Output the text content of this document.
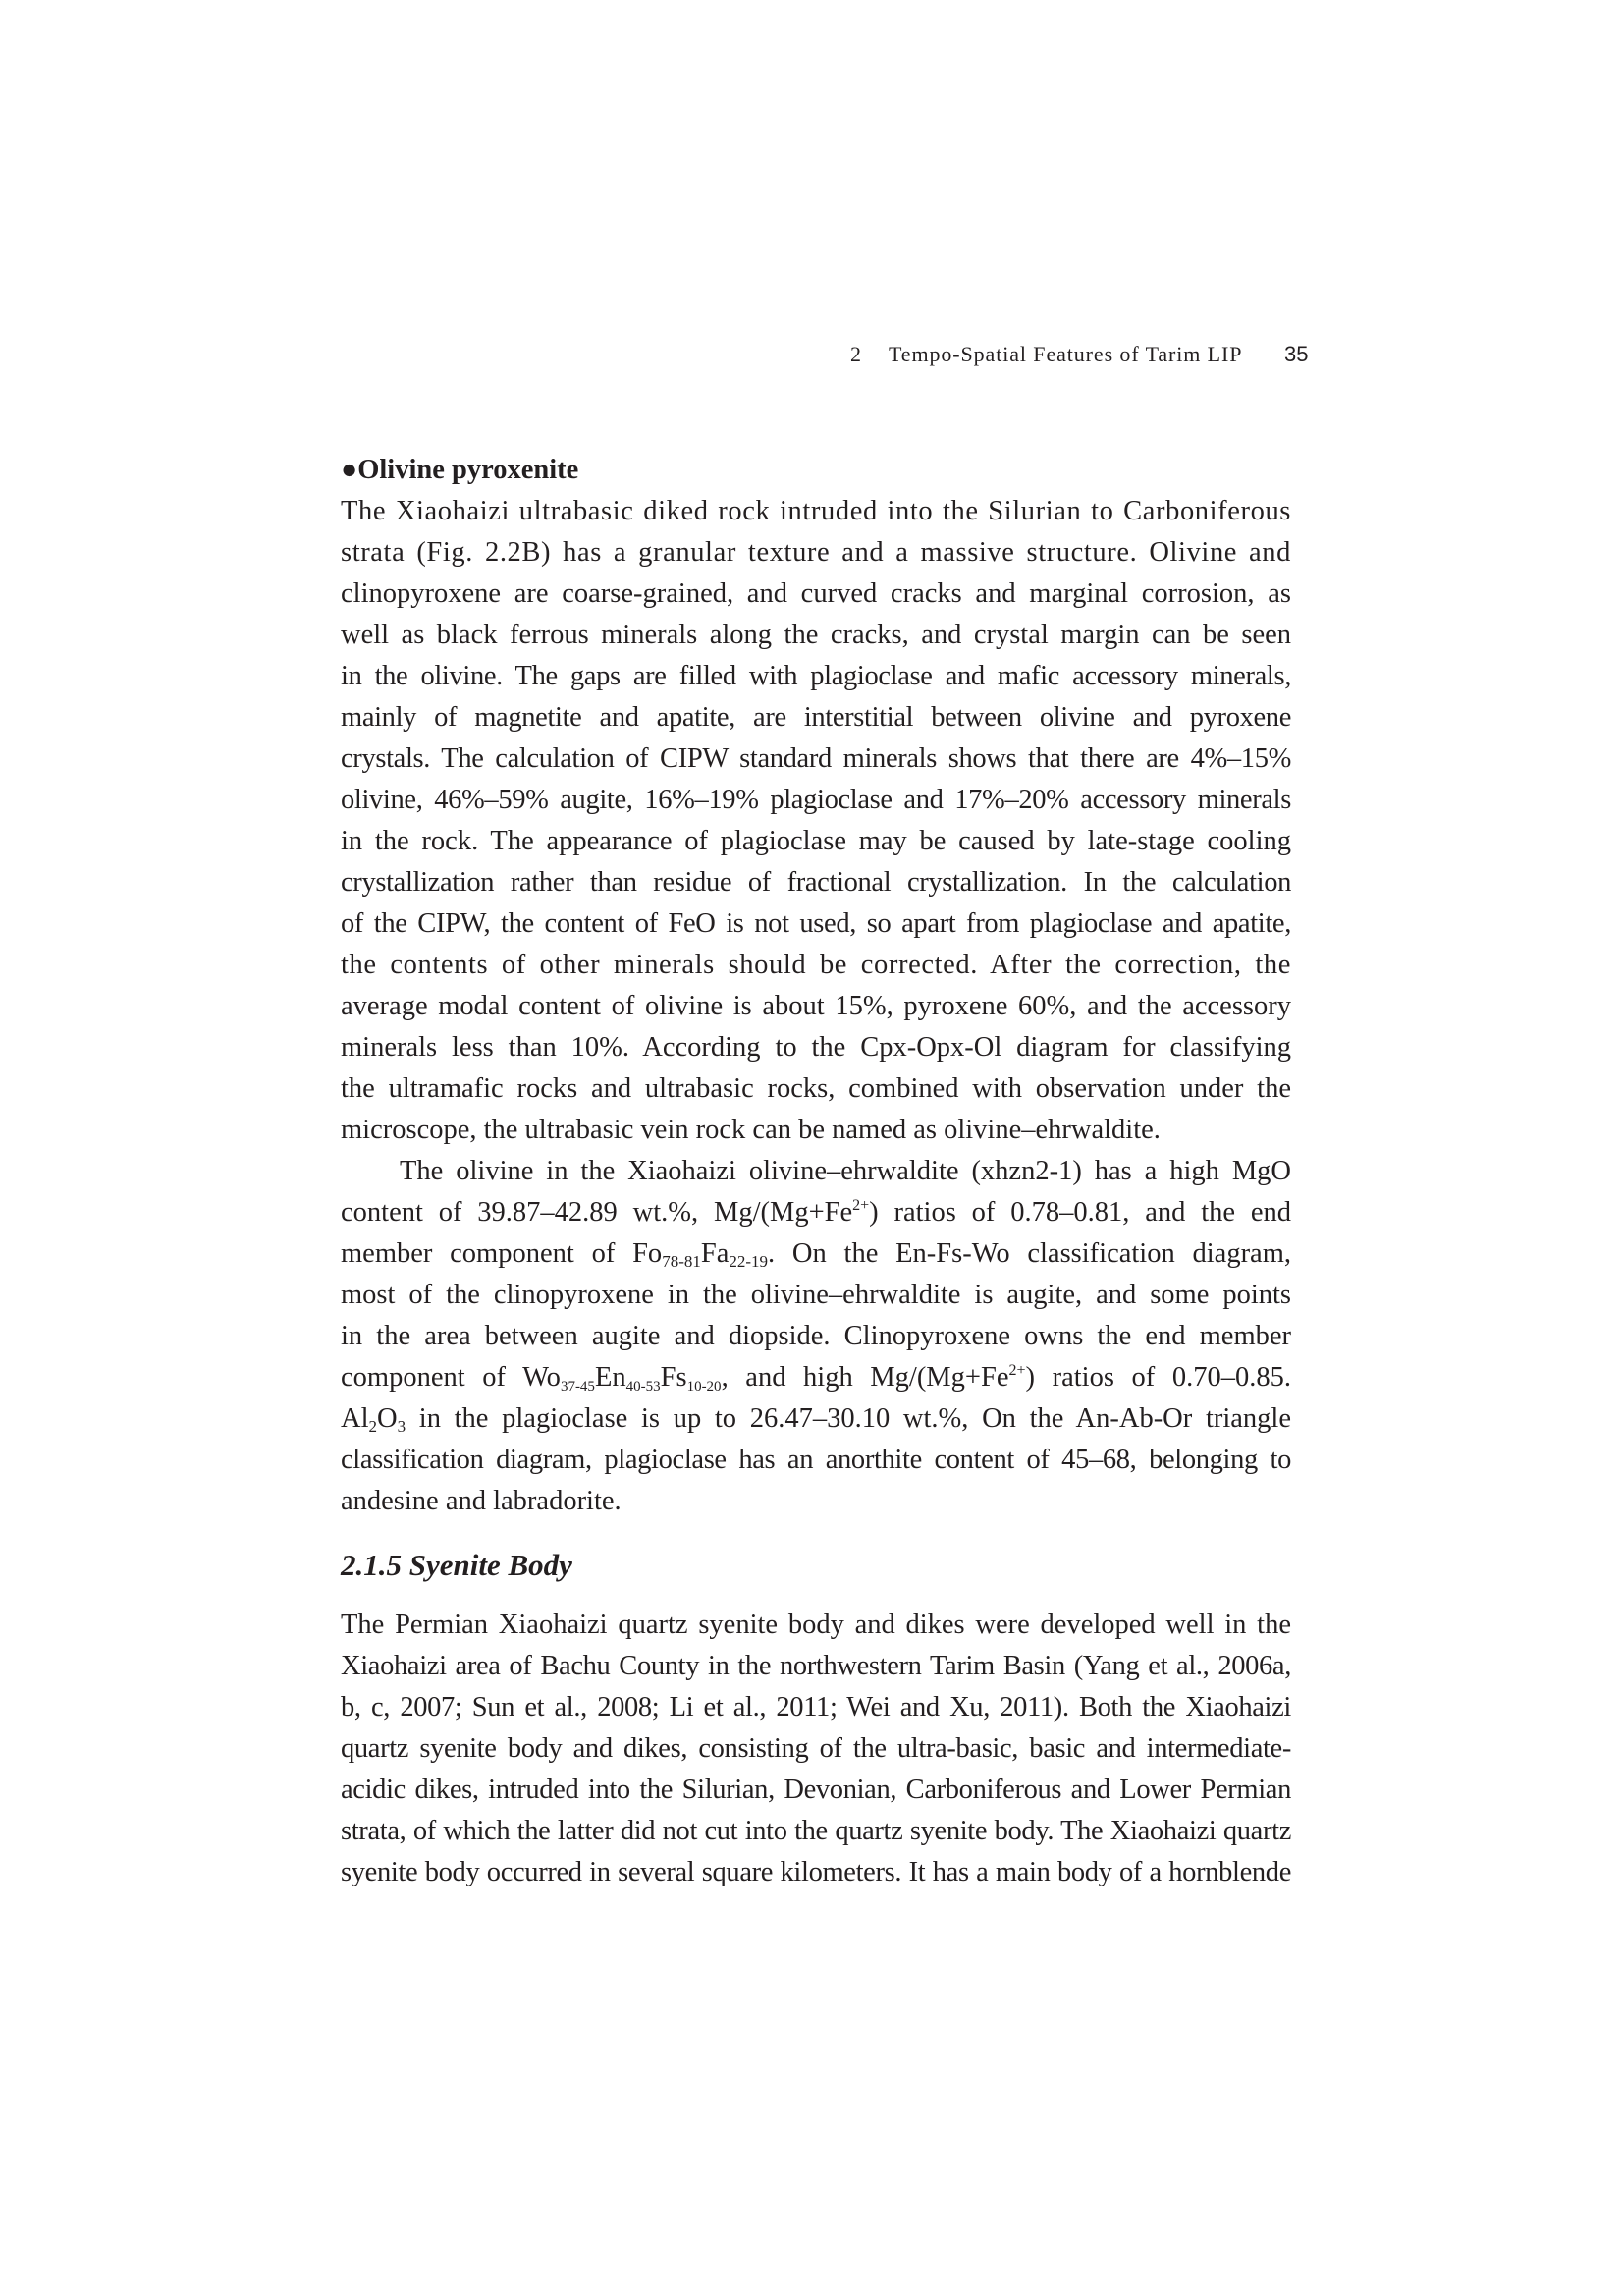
2 Tempo-Spatial Features of Tarim LIP 35
●Olivine pyroxenite
The Xiaohaizi ultrabasic diked rock intruded into the Silurian to Carboniferous
strata (Fig. 2.2B) has a granular texture and a massive structure. Olivine and
clinopyroxene are coarse-grained, and curved cracks and marginal corrosion, as
well as black ferrous minerals along the cracks, and crystal margin can be seen
in the olivine. The gaps are filled with plagioclase and mafic accessory minerals,
mainly of magnetite and apatite, are interstitial between olivine and pyroxene
crystals. The calculation of CIPW standard minerals shows that there are 4%–15%
olivine, 46%–59% augite, 16%–19% plagioclase and 17%–20% accessory minerals
in the rock. The appearance of plagioclase may be caused by late-stage cooling
crystallization rather than residue of fractional crystallization. In the calculation
of the CIPW, the content of FeO is not used, so apart from plagioclase and apatite,
the contents of other minerals should be corrected. After the correction, the
average modal content of olivine is about 15%, pyroxene 60%, and the accessory
minerals less than 10%. According to the Cpx-Opx-Ol diagram for classifying
the ultramafic rocks and ultrabasic rocks, combined with observation under the
microscope, the ultrabasic vein rock can be named as olivine–ehrwaldite.
The olivine in the Xiaohaizi olivine–ehrwaldite (xhzn2-1) has a high MgO
content of 39.87–42.89 wt.%, $Mg/(Mg+Fe^{2+})$ ratios of 0.78–0.81, and the end
member component of $Fo_{78-81}Fa_{22-19}$. On the En-Fs-Wo classification diagram,
most of the clinopyroxene in the olivine–ehrwaldite is augite, and some points
in the area between augite and diopside. Clinopyroxene owns the end member
component of Wo37-45En40-53Fs10-20, and high $Mg/(Mg+Fe^{2+})$ ratios of 0.70–0.85.
$Al_2O_3$ in the plagioclase is up to 26.47–30.10 wt.%, On the An-Ab-Or triangle
classification diagram, plagioclase has an anorthite content of 45–68, belonging to
andesine and labradorite.
2.1.5 Syenite Body
The Permian Xiaohaizi quartz syenite body and dikes were developed well in the
Xiaohaizi area of Bachu County in the northwestern Tarim Basin (Yang et al., 2006a,
b, c, 2007; Sun et al., 2008; Li et al., 2011; Wei and Xu, 2011). Both the Xiaohaizi
quartz syenite body and dikes, consisting of the ultra-basic, basic and intermediate-
acidic dikes, intruded into the Silurian, Devonian, Carboniferous and Lower Permian
strata, of which the latter did not cut into the quartz syenite body. The Xiaohaizi quartz
syenite body occurred in several square kilometers. It has a main body of a hornblende
